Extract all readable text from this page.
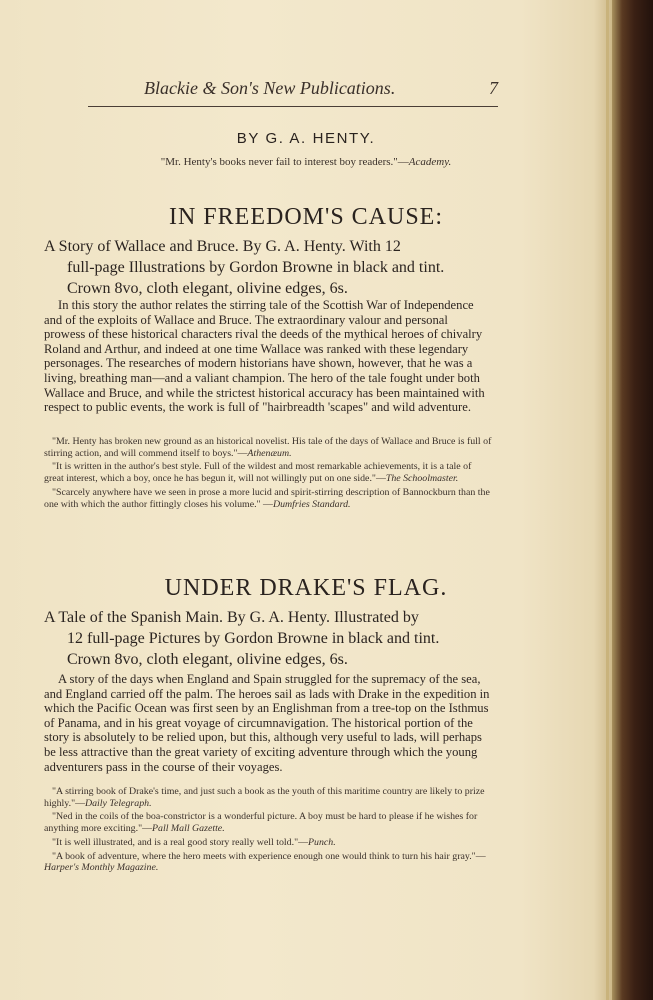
Blackie & Son's New Publications.	7
BY G. A. HENTY.
"Mr. Henty's books never fail to interest boy readers."—Academy.
IN FREEDOM'S CAUSE:
A Story of Wallace and Bruce. By G. A. Henty. With 12
full-page Illustrations by Gordon Browne in black and tint.
Crown 8vo, cloth elegant, olivine edges, 6s.
In this story the author relates the stirring tale of the Scottish War of Independence and of the exploits of Wallace and Bruce. The extraordinary valour and personal prowess of these historical characters rival the deeds of the mythical heroes of chivalry Roland and Arthur, and indeed at one time Wallace was ranked with these legendary personages. The researches of modern historians have shown, however, that he was a living, breathing man—and a valiant champion. The hero of the tale fought under both Wallace and Bruce, and while the strictest historical accuracy has been maintained with respect to public events, the work is full of "hairbreadth 'scapes" and wild adventure.

"Mr. Henty has broken new ground as an historical novelist. His tale of the days of Wallace and Bruce is full of stirring action, and will commend itself to boys."—Athenæum.

"It is written in the author's best style. Full of the wildest and most remarkable achievements, it is a tale of great interest, which a boy, once he has begun it, will not willingly put on one side."—The Schoolmaster.

"Scarcely anywhere have we seen in prose a more lucid and spirit-stirring description of Bannockburn than the one with which the author fittingly closes his volume." —Dumfries Standard.

UNDER DRAKE'S FLAG.
A Tale of the Spanish Main. By G. A. Henty. Illustrated by
12 full-page Pictures by Gordon Browne in black and tint.
Crown 8vo, cloth elegant, olivine edges, 6s.
A story of the days when England and Spain struggled for the supremacy of the sea, and England carried off the palm. The heroes sail as lads with Drake in the expedition in which the Pacific Ocean was first seen by an Englishman from a tree-top on the Isthmus of Panama, and in his great voyage of circumnavigation. The historical portion of the story is absolutely to be relied upon, but this, although very useful to lads, will perhaps be less attractive than the great variety of exciting adventure through which the young adventurers pass in the course of their voyages.

"A stirring book of Drake's time, and just such a book as the youth of this maritime country are likely to prize highly."—Daily Telegraph.

"Ned in the coils of the boa-constrictor is a wonderful picture. A boy must be hard to please if he wishes for anything more exciting."—Pall Mall Gazette.

"It is well illustrated, and is a real good story really well told."—Punch.

"A book of adventure, where the hero meets with experience enough one would think to turn his hair gray."—Harper's Monthly Magazine.
